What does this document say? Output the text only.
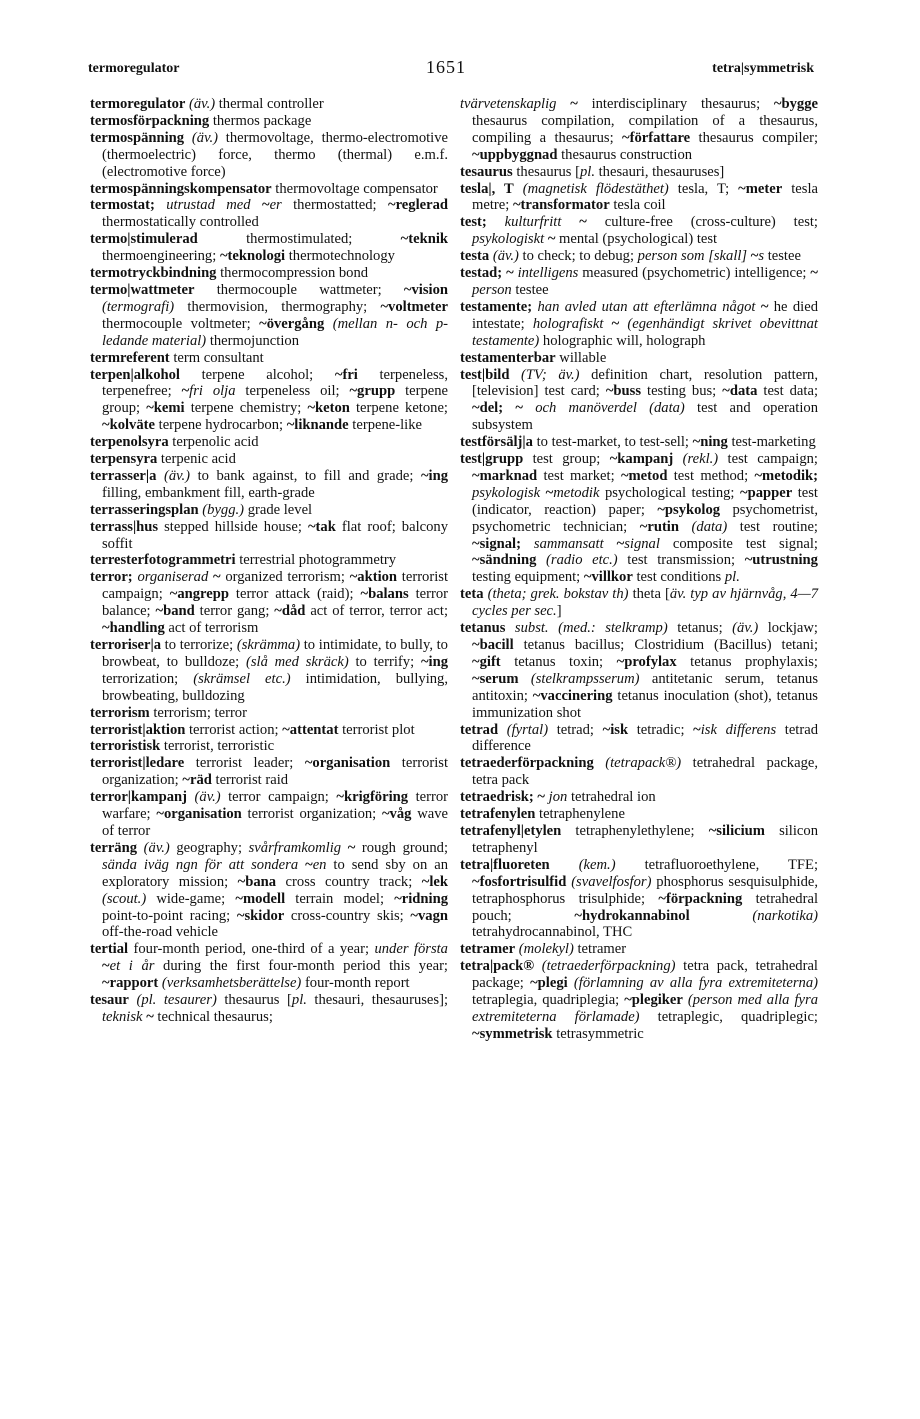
termoregulator	1651	tetra|symmetrisk

termoregulator (äv.) thermal controller

termosförpackning thermos package

termospänning (äv.) thermovoltage, thermo-electromotive (thermoelectric) force, thermo (thermal) e.m.f. (electromotive force)

termospänningskompensator thermovoltage compensator

termostat; utrustad med ~er thermostatted; ~reglerad thermostatically controlled

termo|stimulerad thermostimulated; ~teknik thermoengineering; ~teknologi thermotechnology

termotryckbindning thermocompression bond

termo|wattmeter thermocouple wattmeter; ~vision (termografi) thermovision, thermography; ~voltmeter thermocouple voltmeter; ~övergång (mellan n- och p-ledande material) thermojunction

termreferent term consultant

terpen|alkohol terpene alcohol; ~fri terpeneless, terpenefree; ~fri olja terpeneless oil; ~grupp terpene group; ~kemi terpene chemistry; ~keton terpene ketone; ~kolväte terpene hydrocarbon; ~liknande terpene-like

terpenolsyra terpenolic acid

terpensyra terpenic acid

terrasser|a (äv.) to bank against, to fill and grade; ~ing filling, embankment fill, earth-grade

terrasseringsplan (bygg.) grade level

terrass|hus stepped hillside house; ~tak flat roof; balcony soffit

terresterfotogrammetri terrestrial photogrammetry

terror; organiserad ~ organized terrorism; ~aktion terrorist campaign; ~angrepp terror attack (raid); ~balans terror balance; ~band terror gang; ~dåd act of terror, terror act; ~handling act of terrorism

terroriser|a to terrorize; (skrämma) to intimidate, to bully, to browbeat, to bulldoze; (slå med skräck) to terrify; ~ing terrorization; (skrämsel etc.) intimidation, bullying, browbeating, bulldozing

terrorism terrorism; terror

terrorist|aktion terrorist action; ~attentat terrorist plot

terroristisk terrorist, terroristic

terrorist|ledare terrorist leader; ~organisation terrorist organization; ~räd terrorist raid

terror|kampanj (äv.) terror campaign; ~krigföring terror warfare; ~organisation terrorist organization; ~våg wave of terror

terräng (äv.) geography; svårframkomlig ~ rough ground; sända iväg ngn för att sondera ~en to send sby on an exploratory mission; ~bana cross country track; ~lek (scout.) wide-game; ~modell terrain model; ~ridning point-to-point racing; ~skidor cross-country skis; ~vagn off-the-road vehicle

tertial four-month period, one-third of a year; under första ~et i år during the first four-month period this year; ~rapport (verksamhetsberättelse) four-month report

tesaur (pl. tesaurer) thesaurus [pl. thesauri, thesauruses]; teknisk ~ technical thesaurus;

tvärvetenskaplig ~ interdisciplinary thesaurus; ~bygge thesaurus compilation, compilation of a thesaurus, compiling a thesaurus; ~författare thesaurus compiler; ~uppbyggnad thesaurus construction

tesaurus thesaurus [pl. thesauri, thesauruses]

tesla|, T (magnetisk flödestäthet) tesla, T; ~meter tesla metre; ~transformator tesla coil

test; kulturfritt ~ culture-free (cross-culture) test; psykologiskt ~ mental (psychological) test

testa (äv.) to check; to debug; person som [skall] ~s testee

testad; ~ intelligens measured (psychometric) intelligence; ~ person testee

testamente; han avled utan att efterlämna något ~ he died intestate; holografiskt ~ (egenhändigt skrivet obevittnat testamente) holographic will, holograph

testamenterbar willable

test|bild (TV; äv.) definition chart, resolution pattern, [television] test card; ~buss testing bus; ~data test data; ~del; ~ och manöverdel (data) test and operation subsystem

testförsälj|a to test-market, to test-sell; ~ning test-marketing

test|grupp test group; ~kampanj (rekl.) test campaign; ~marknad test market; ~metod test method; ~metodik; psykologisk ~metodik psychological testing; ~papper test (indicator, reaction) paper; ~psykolog psychometrist, psychometric technician; ~rutin (data) test routine; ~signal; sammansatt ~signal composite test signal; ~sändning (radio etc.) test transmission; ~utrustning testing equipment; ~villkor test conditions pl.

teta (theta; grek. bokstav th) theta [äv. typ av hjärnvåg, 4—7 cycles per sec.]

tetanus subst. (med.: stelkramp) tetanus; (äv.) lockjaw; ~bacill tetanus bacillus; Clostridium (Bacillus) tetani; ~gift tetanus toxin; ~profylax tetanus prophylaxis; ~serum (stelkrampsserum) antitetanic serum, tetanus antitoxin; ~vaccinering tetanus inoculation (shot), tetanus immunization shot

tetrad (fyrtal) tetrad; ~isk tetradic; ~isk differens tetrad difference

tetraederförpackning (tetrapack®) tetrahedral package, tetra pack

tetraedrisk; ~ jon tetrahedral ion

tetrafenylen tetraphenylene

tetrafenyl|etylen tetraphenylethylene; ~silicium silicon tetraphenyl

tetra|fluoreten (kem.) tetrafluoroethylene, TFE; ~fosfortrisulfid (svavelfosfor) phosphorus sesquisulphide, tetraphosphorus trisulphide; ~förpackning tetrahedral pouch; ~hydrokannabinol	(narkotika) tetrahydrocannabinol, THC

tetramer (molekyl) tetramer

tetra|pack® (tetraederförpackning) tetra pack, tetrahedral package; ~plegi (förlamning av alla fyra extremiteterna) tetraplegia, quadriplegia; ~plegiker (person med alla fyra extremiteterna förlamade) tetraplegic, quadriplegic; ~symmetrisk tetrasymmetric
